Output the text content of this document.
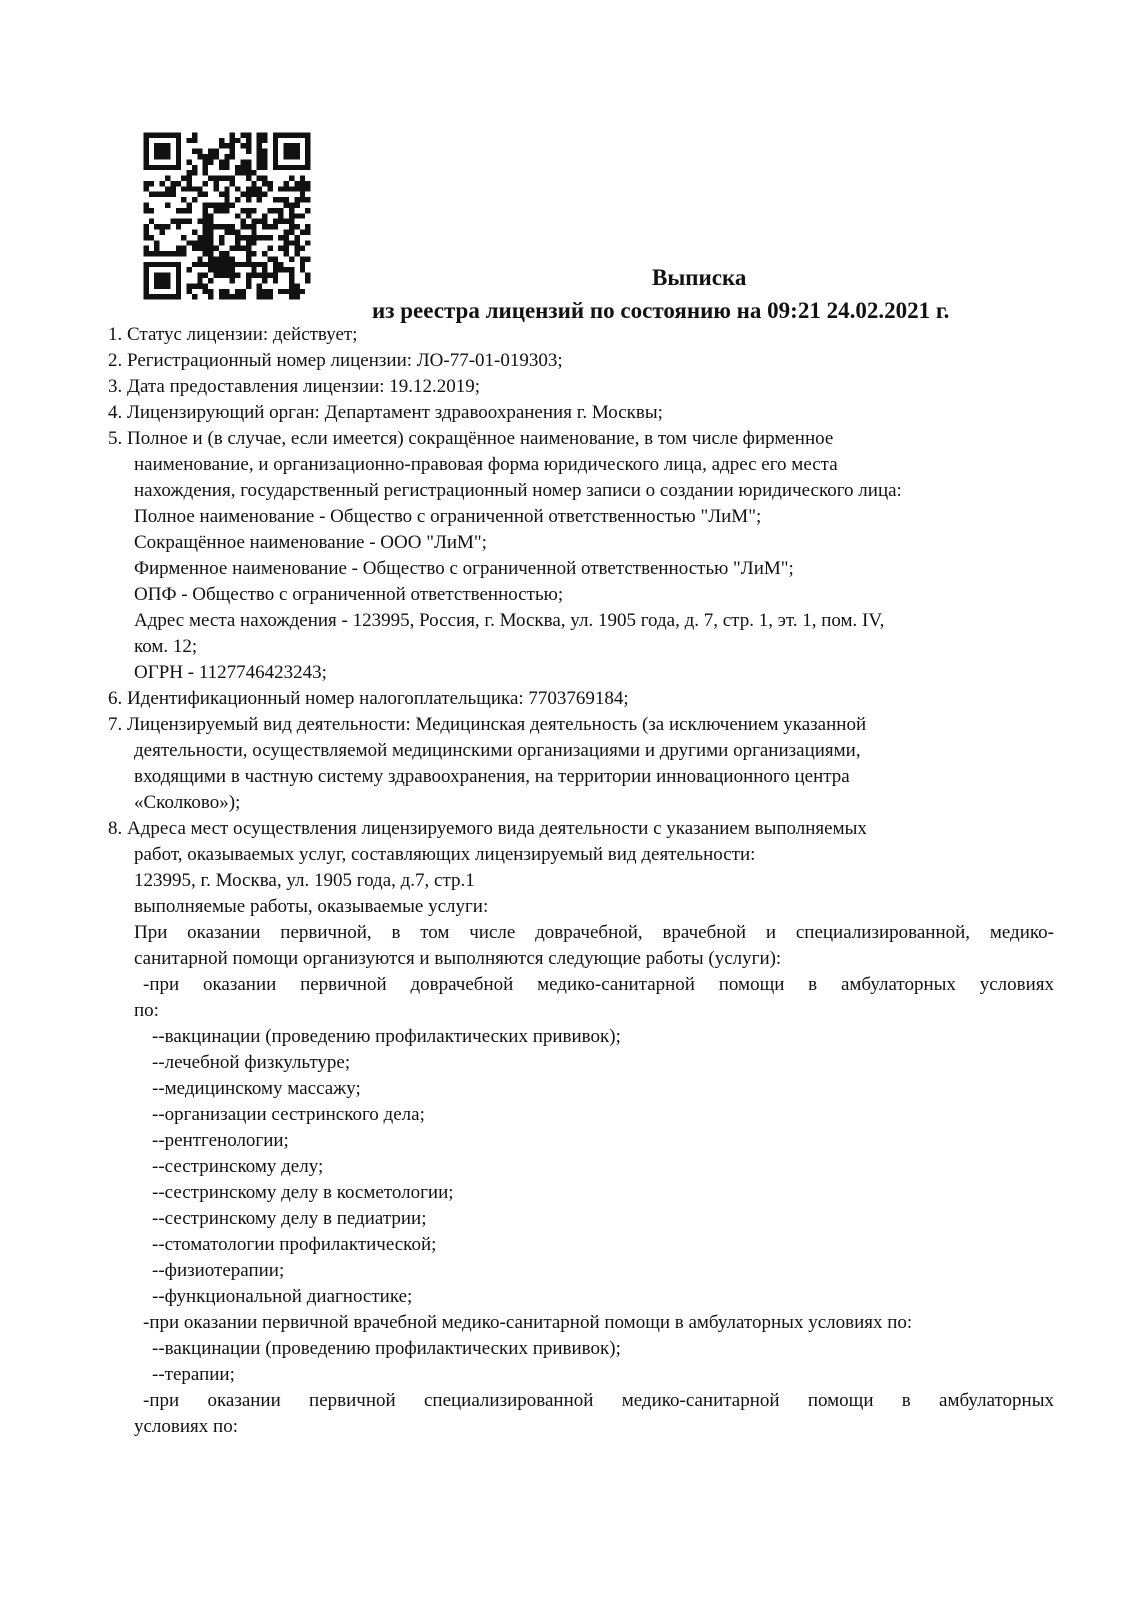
Выписка
из реестра лицензий по состоянию на 09:21 24.02.2021 г.
1. Статус лицензии: действует;
2. Регистрационный номер лицензии: ЛО-77-01-019303;
3. Дата предоставления лицензии: 19.12.2019;
4. Лицензирующий орган: Департамент здравоохранения г. Москвы;
5. Полное и (в случае, если имеется) сокращённое наименование, в том числе фирменное
наименование, и организационно-правовая форма юридического лица, адрес его места
нахождения, государственный регистрационный номер записи о создании юридического лица:
Полное наименование - Общество с ограниченной ответственностью "ЛиМ";
Сокращённое наименование - ООО "ЛиМ";
Фирменное наименование - Общество с ограниченной ответственностью "ЛиМ";
ОПФ - Общество с ограниченной ответственностью;
Адрес места нахождения - 123995, Россия, г. Москва, ул. 1905 года, д. 7, стр. 1, эт. 1, пом. IV,
ком. 12;
ОГРН - 1127746423243;
6. Идентификационный номер налогоплательщика: 7703769184;
7. Лицензируемый вид деятельности: Медицинская деятельность (за исключением указанной
деятельности, осуществляемой медицинскими организациями и другими организациями,
входящими в частную систему здравоохранения, на территории инновационного центра
«Сколково»);
8. Адреса мест осуществления лицензируемого вида деятельности с указанием выполняемых
работ, оказываемых услуг, составляющих лицензируемый вид деятельности:
123995, г. Москва, ул. 1905 года, д.7, стр.1
выполняемые работы, оказываемые услуги:
При оказании первичной, в том числе доврачебной, врачебной и специализированной, медико-
санитарной помощи организуются и выполняются следующие работы (услуги):
-при оказании первичной доврачебной медико-санитарной помощи в амбулаторных условиях
по:
--вакцинации (проведению профилактических прививок);
--лечебной физкультуре;
--медицинскому массажу;
--организации сестринского дела;
--рентгенологии;
--сестринскому делу;
--сестринскому делу в косметологии;
--сестринскому делу в педиатрии;
--стоматологии профилактической;
--физиотерапии;
--функциональной диагностике;
-при оказании первичной врачебной медико-санитарной помощи в амбулаторных условиях по:
--вакцинации (проведению профилактических прививок);
--терапии;
-при оказании первичной специализированной медико-санитарной помощи в амбулаторных
условиях по:
